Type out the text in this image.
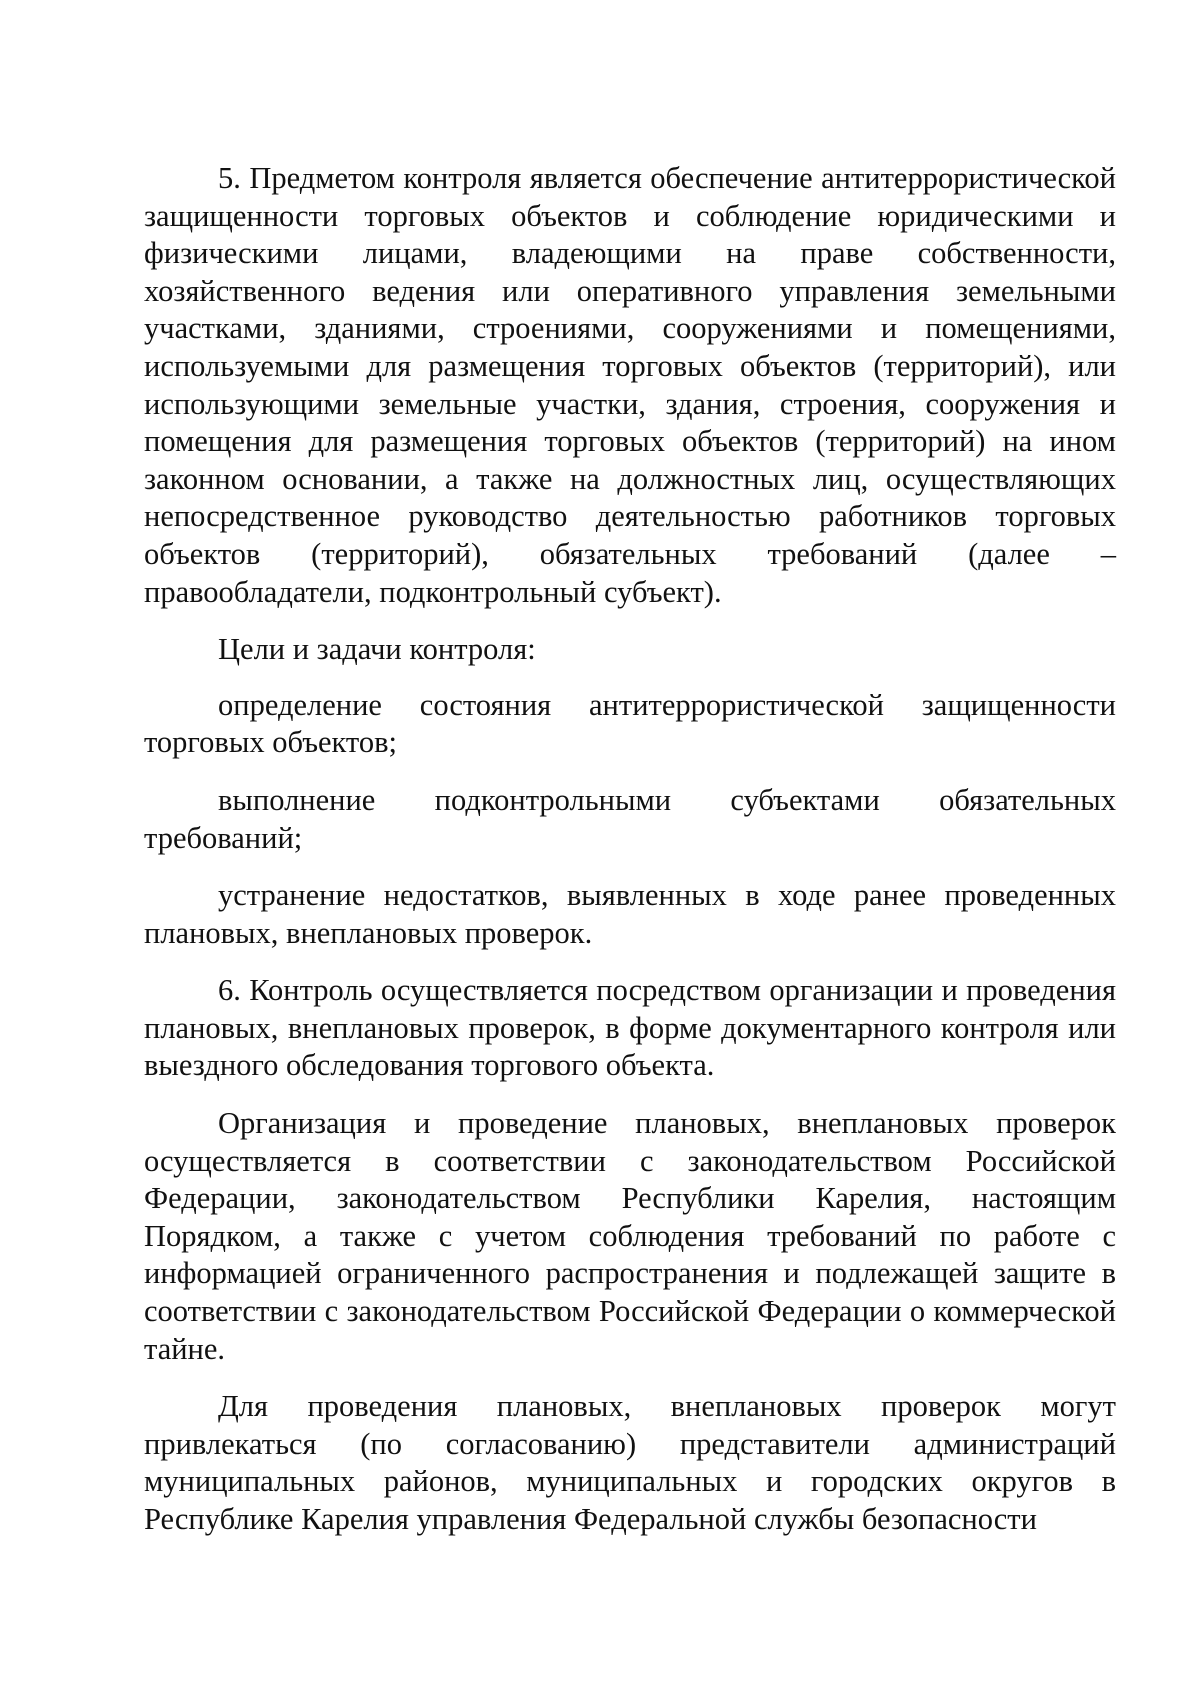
5. Предметом контроля является обеспечение антитеррористической защищенности торговых объектов и соблюдение юридическими и физическими лицами, владеющими на праве собственности, хозяйственного ведения или оперативного управления земельными участками, зданиями, строениями, сооружениями и помещениями, используемыми для размещения торговых объектов (территорий), или использующими земельные участки, здания, строения, сооружения и помещения для размещения торговых объектов (территорий) на ином законном основании, а также на должностных лиц, осуществляющих непосредственное руководство деятельностью работников торговых объектов (территорий), обязательных требований (далее – правообладатели, подконтрольный субъект).

Цели и задачи контроля:

определение состояния антитеррористической защищенности торговых объектов;

выполнение подконтрольными субъектами обязательных требований;

устранение недостатков, выявленных в ходе ранее проведенных плановых, внеплановых проверок.

6. Контроль осуществляется посредством организации и проведения плановых, внеплановых проверок, в форме документарного контроля или выездного обследования торгового объекта.

Организация и проведение плановых, внеплановых проверок осуществляется в соответствии с законодательством Российской Федерации, законодательством Республики Карелия, настоящим Порядком, а также с учетом соблюдения требований по работе с информацией ограниченного распространения и подлежащей защите в соответствии с законодательством Российской Федерации о коммерческой тайне.

Для проведения плановых, внеплановых проверок могут привлекаться (по согласованию) представители администраций муниципальных районов, муниципальных и городских округов в Республике Карелия управления Федеральной службы безопасности
